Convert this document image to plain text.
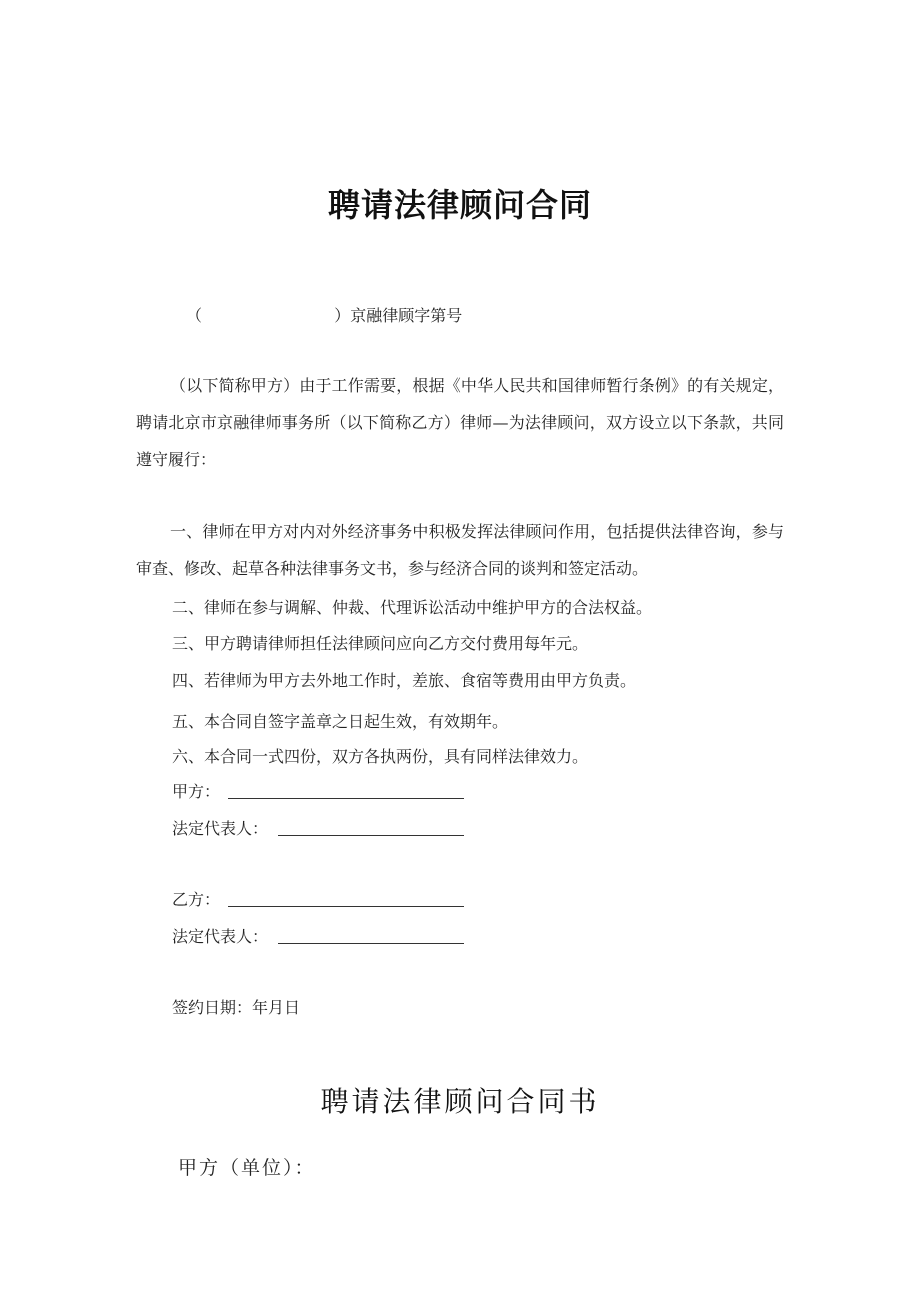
聘请法律顾问合同
（                          ）京融律顾字第号
（以下简称甲方）由于工作需要，根据《中华人民共和国律师暂行条例》的有关规定，聘请北京市京融律师事务所（以下简称乙方）律师—为法律顾问，双方设立以下条款，共同遵守履行：
一、律师在甲方对内对外经济事务中积极发挥法律顾问作用，包括提供法律咨询，参与审查、修改、起草各种法律事务文书，参与经济合同的谈判和签定活动。
二、律师在参与调解、仲裁、代理诉讼活动中维护甲方的合法权益。
三、甲方聘请律师担任法律顾问应向乙方交付费用每年元。
四、若律师为甲方去外地工作时，差旅、食宿等费用由甲方负责。
五、本合同自签字盖章之日起生效，有效期年。
六、本合同一式四份，双方各执两份，具有同样法律效力。
甲方：
法定代表人：
乙方：
法定代表人：
签约日期：年月日
聘请法律顾问合同书
甲方（单位）：
